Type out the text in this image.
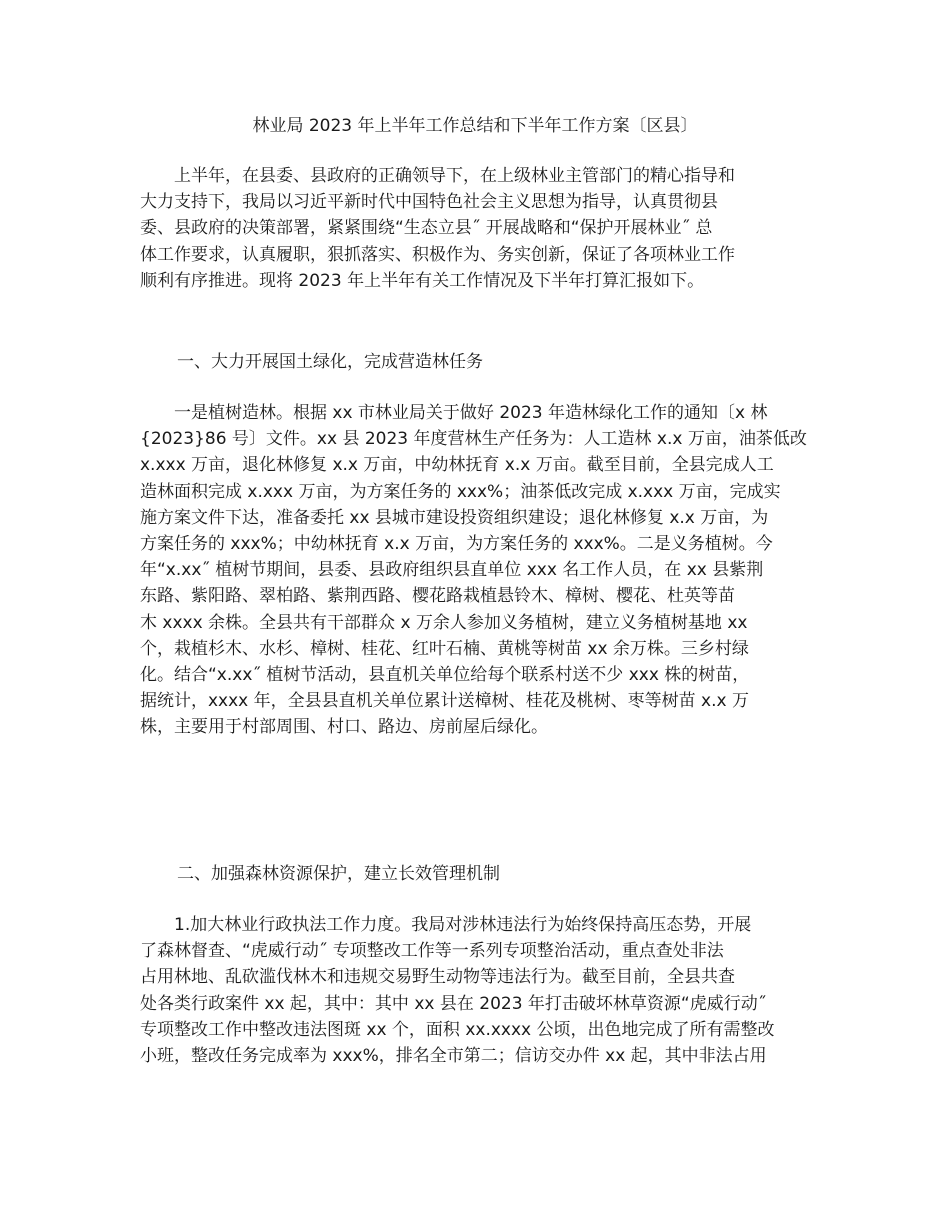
林业局 2023 年上半年工作总结和下半年工作方案〔区县〕
　　上半年，在县委、县政府的正确领导下，在上级林业主管部门的精心指导和
大力支持下，我局以习近平新时代中国特色社会主义思想为指导，认真贯彻县
委、县政府的决策部署，紧紧围绕“生态立县˝ 开展战略和“保护开展林业˝ 总
体工作要求，认真履职，狠抓落实、积极作为、务实创新，保证了各项林业工作
顺利有序推进。现将 2023 年上半年有关工作情况及下半年打算汇报如下。
一、大力开展国土绿化，完成营造林任务
　　一是植树造林。根据 xx 市林业局关于做好 2023 年造林绿化工作的通知〔x 林
{2023}86 号〕文件。xx 县 2023 年度营林生产任务为：人工造林 x.x 万亩，油茶低改
x.xxx 万亩，退化林修复 x.x 万亩，中幼林抚育 x.x 万亩。截至目前，全县完成人工
造林面积完成 x.xxx 万亩，为方案任务的 xxx%；油茶低改完成 x.xxx 万亩，完成实
施方案文件下达，准备委托 xx 县城市建设投资组织建设；退化林修复 x.x 万亩，为
方案任务的 xxx%；中幼林抚育 x.x 万亩，为方案任务的 xxx%。二是义务植树。今
年“x.xx˝ 植树节期间，县委、县政府组织县直单位 xxx 名工作人员，在 xx 县紫荆
东路、紫阳路、翠柏路、紫荆西路、樱花路栽植悬铃木、樟树、樱花、杜英等苗
木 xxxx 余株。全县共有干部群众 x 万余人参加义务植树，建立义务植树基地 xx
个，栽植杉木、水杉、樟树、桂花、红叶石楠、黄桃等树苗 xx 余万株。三乡村绿
化。结合“x.xx˝ 植树节活动，县直机关单位给每个联系村送不少 xxx 株的树苗，
据统计，xxxx 年，全县县直机关单位累计送樟树、桂花及桃树、枣等树苗 x.x 万
株，主要用于村部周围、村口、路边、房前屋后绿化。
二、加强森林资源保护，建立长效管理机制
　　1.加大林业行政执法工作力度。我局对涉林违法行为始终保持高压态势，开展
了森林督查、“虎威行动˝ 专项整改工作等一系列专项整治活动，重点查处非法
占用林地、乱砍滥伐林木和违规交易野生动物等违法行为。截至目前，全县共查
处各类行政案件 xx 起，其中：其中 xx 县在 2023 年打击破坏林草资源“虎威行动˝
专项整改工作中整改违法图斑 xx 个，面积 xx.xxxx 公顷，出色地完成了所有需整改
小班，整改任务完成率为 xxx%，排名全市第二；信访交办件 xx 起，其中非法占用
